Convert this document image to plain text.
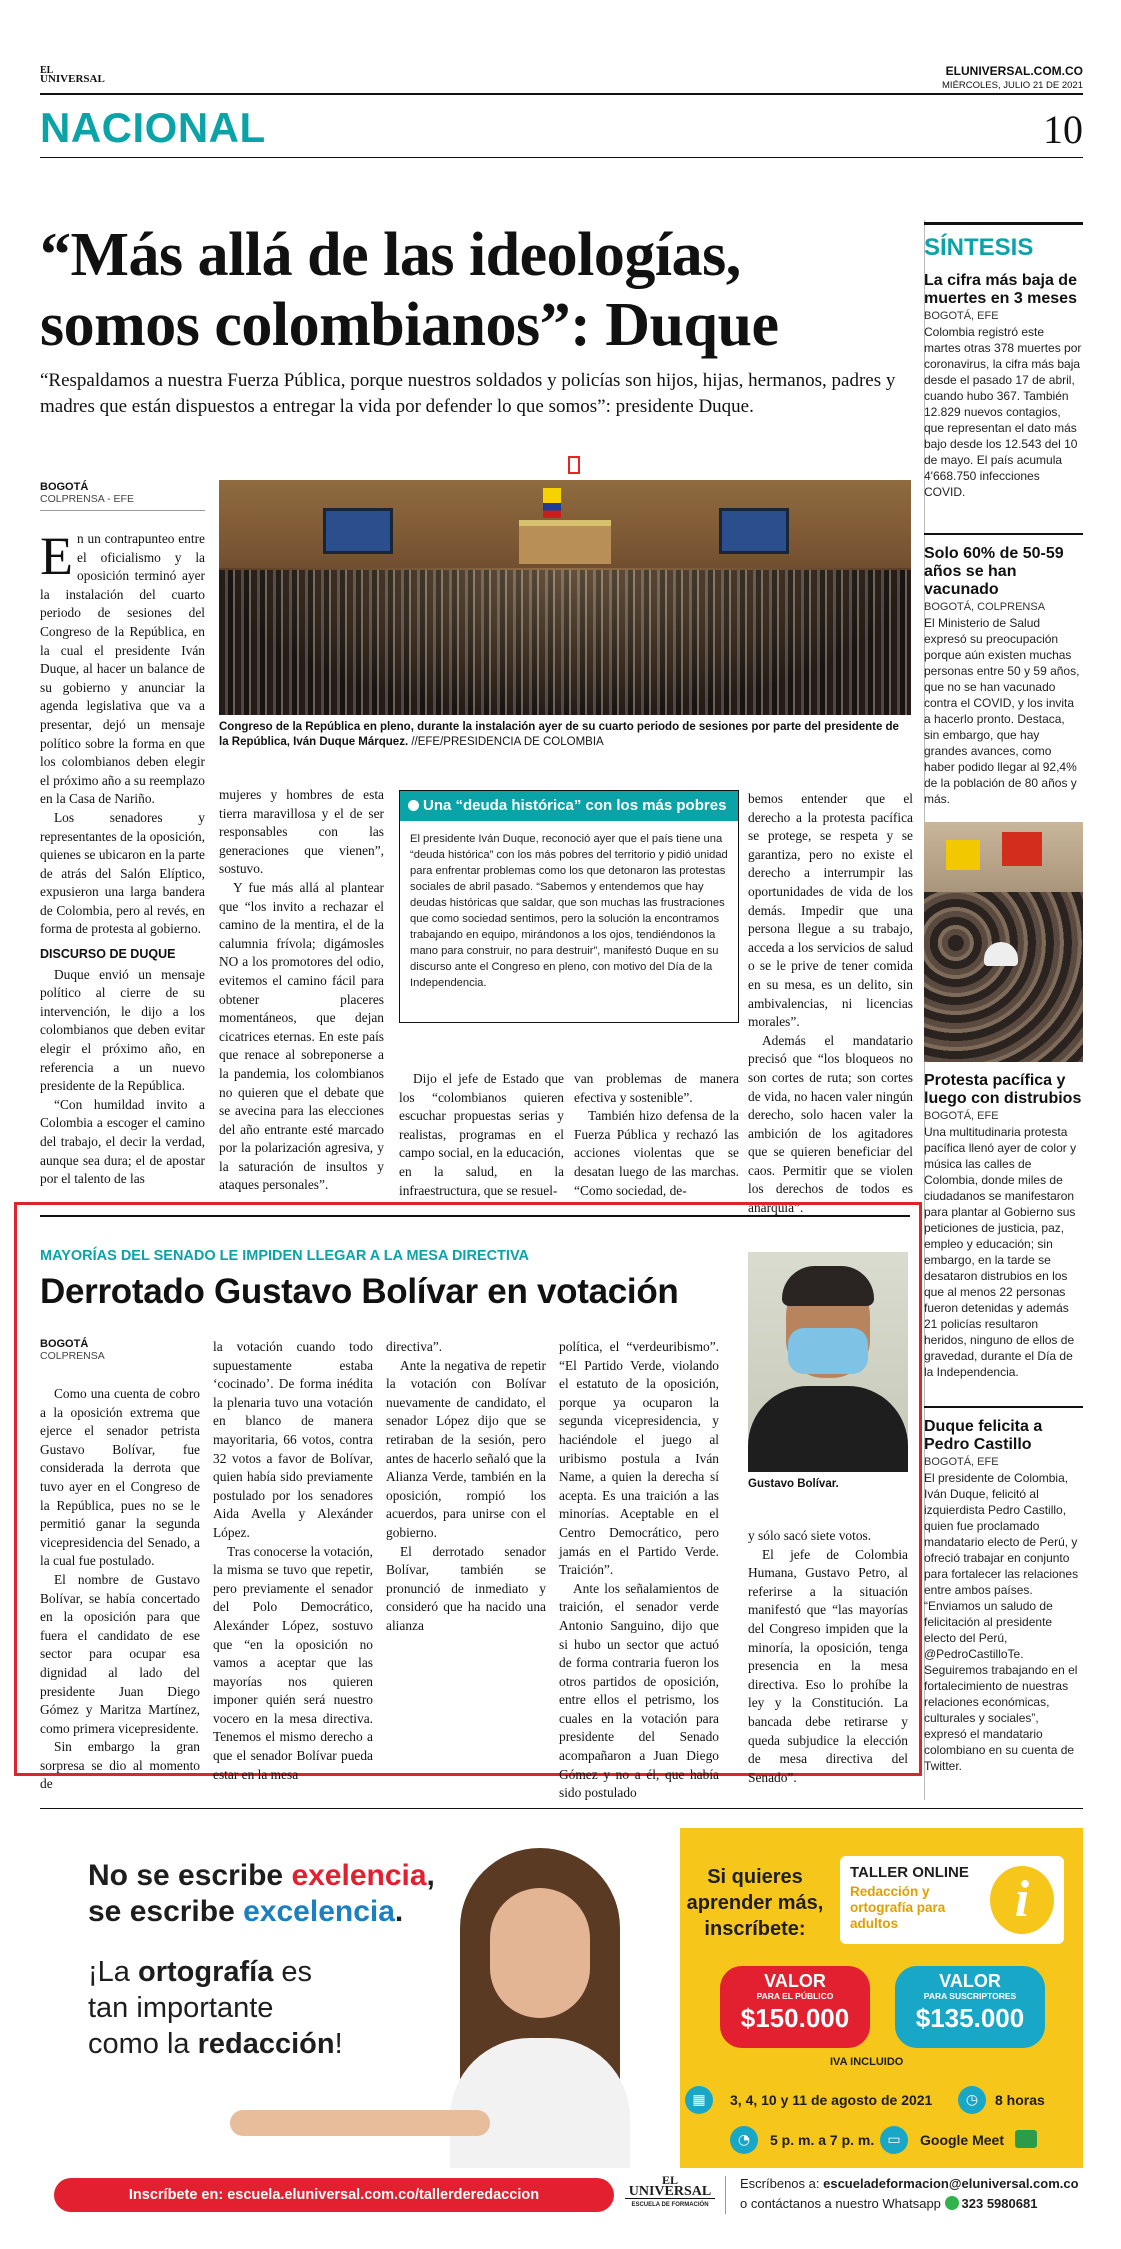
EL
UNIVERSAL
ELUNIVERSAL.COM.CO
MIÉRCOLES, JULIO 21 DE 2021
NACIONAL	10
“Más allá de las ideologías, somos colombianos”: Duque
“Respaldamos a nuestra Fuerza Pública, porque nuestros soldados y policías son hijos, hijas, hermanos, padres y madres que están dispuestos a entregar la vida por defender lo que somos”: presidente Duque.
BOGOTÁ
COLPRENSA - EFE
Congreso de la República en pleno, durante la instalación ayer de su cuarto periodo de sesiones por parte del presidente de la República, Iván Duque Márquez. //EFE/PRESIDENCIA DE COLOMBIA

En un contrapunteo entre el oficialismo y la oposición terminó ayer la instalación del cuarto periodo de sesiones del Congreso de la República, en la cual el presidente Iván Duque, al hacer un balance de su gobierno y anunciar la agenda legislativa que va a presentar, dejó un mensaje político sobre la forma en que los colombianos deben elegir el próximo año a su reemplazo en la Casa de Nariño.

Los senadores y representantes de la oposición, quienes se ubicaron en la parte de atrás del Salón Elíptico, expusieron una larga bandera de Colombia, pero al revés, en forma de protesta al gobierno.

DISCURSO DE DUQUE

Duque envió un mensaje político al cierre de su intervención, le dijo a los colombianos que deben evitar elegir el próximo año, en referencia a un nuevo presidente de la República.

“Con humildad invito a Colombia a escoger el camino del trabajo, el decir la verdad, aunque sea dura; el de apostar por el talento de las

mujeres y hombres de esta tierra maravillosa y el de ser responsables con las generaciones que vienen”, sostuvo.

Y fue más allá al plantear que “los invito a rechazar el camino de la mentira, el de la calumnia frívola; digámosles NO a los promotores del odio, evitemos el camino fácil para obtener placeres momentáneos, que dejan cicatrices eternas. En este país que renace al sobreponerse a la pandemia, los colombianos no quieren que el debate que se avecina para las elecciones del año entrante esté marcado por la polarización agresiva, y la saturación de insultos y ataques personales”.

Una “deuda histórica” con los más pobres
El presidente Iván Duque, reconoció ayer que el país tiene una “deuda histórica” con los más pobres del territorio y pidió unidad para enfrentar problemas como los que detonaron las protestas sociales de abril pasado. “Sabemos y entendemos que hay deudas históricas que saldar, que son muchas las frustraciones que como sociedad sentimos, pero la solución la encontramos trabajando en equipo, mirándonos a los ojos, tendiéndonos la mano para construir, no para destruir”, manifestó Duque en su discurso ante el Congreso en pleno, con motivo del Día de la Independencia.

Dijo el jefe de Estado que los “colombianos quieren escuchar propuestas serias y realistas, programas en el campo social, en la educación, en la salud, en la infraestructura, que se resuel-

van problemas de manera efectiva y sostenible”.

También hizo defensa de la Fuerza Pública y rechazó las acciones violentas que se desatan luego de las marchas. “Como sociedad, de-

bemos entender que el derecho a la protesta pacífica se protege, se respeta y se garantiza, pero no existe el derecho a interrumpir las oportunidades de vida de los demás. Impedir que una persona llegue a su trabajo, acceda a los servicios de salud o se le prive de tener comida en su mesa, es un delito, sin ambivalencias, ni licencias morales”.

Además el mandatario precisó que “los bloqueos no son cortes de ruta; son cortes de vida, no hacen valer ningún derecho, solo hacen valer la ambición de los agitadores que se quieren beneficiar del caos. Permitir que se violen los derechos de todos es anarquía”.

MAYORÍAS DEL SENADO LE IMPIDEN LLEGAR A LA MESA DIRECTIVA
Derrotado Gustavo Bolívar en votación
BOGOTÁ
COLPRENSA

Como una cuenta de cobro a la oposición extrema que ejerce el senador petrista Gustavo Bolívar, fue considerada la derrota que tuvo ayer en el Congreso de la República, pues no se le permitió ganar la segunda vicepresidencia del Senado, a la cual fue postulado.

El nombre de Gustavo Bolívar, se había concertado en la oposición para que fuera el candidato de ese sector para ocupar esa dignidad al lado del presidente Juan Diego Gómez y Maritza Martínez, como primera vicepresidente.

Sin embargo la gran sorpresa se dio al momento de

la votación cuando todo supuestamente estaba ‘cocinado’. De forma inédita la plenaria tuvo una votación en blanco de manera mayoritaria, 66 votos, contra 32 votos a favor de Bolívar, quien había sido previamente postulado por los senadores Aida Avella y Alexánder López.

Tras conocerse la votación, la misma se tuvo que repetir, pero previamente el senador del Polo Democrático, Alexánder López, sostuvo que “en la oposición no vamos a aceptar que las mayorías nos quieren imponer quién será nuestro vocero en la mesa directiva. Tenemos el mismo derecho a que el senador Bolívar pueda estar en la mesa

directiva”.

Ante la negativa de repetir la votación con Bolívar nuevamente de candidato, el senador López dijo que se retiraban de la sesión, pero antes de hacerlo señaló que la Alianza Verde, también en la oposición, rompió los acuerdos, para unirse con el gobierno.

El derrotado senador Bolívar, también se pronunció de inmediato y consideró que ha nacido una alianza

política, el “verdeuribismo”. “El Partido Verde, violando el estatuto de la oposición, porque ya ocuparon la segunda vicepresidencia, y haciéndole el juego al uribismo postula a Iván Name, a quien la derecha sí acepta. Es una traición a las minorías. Aceptable en el Centro Democrático, pero jamás en el Partido Verde. Traición”.

Ante los señalamientos de traición, el senador verde Antonio Sanguino, dijo que si hubo un sector que actuó de forma contraria fueron los otros partidos de oposición, entre ellos el petrismo, los cuales en la votación para presidente del Senado acompañaron a Juan Diego Gómez y no a él, que había sido postulado

Gustavo Bolívar.

y sólo sacó siete votos.

El jefe de Colombia Humana, Gustavo Petro, al referirse a la situación manifestó que “las mayorías del Congreso impiden que la minoría, la oposición, tenga presencia en la mesa directiva. Eso lo prohíbe la ley y la Constitución. La bancada debe retirarse y queda subjudice la elección de mesa directiva del Senado”.

SÍNTESIS
La cifra más baja de muertes en 3 meses
BOGOTÁ, EFE
Colombia registró este martes otras 378 muertes por coronavirus, la cifra más baja desde el pasado 17 de abril, cuando hubo 367. También 12.829 nuevos contagios, que representan el dato más bajo desde los 12.543 del 10 de mayo. El país acumula 4'668.750 infecciones COVID.
Solo 60% de 50-59 años se han vacunado
BOGOTÁ, COLPRENSA
El Ministerio de Salud expresó su preocupación porque aún existen muchas personas entre 50 y 59 años, que no se han vacunado contra el COVID, y los invita a hacerlo pronto. Destaca, sin embargo, que hay grandes avances, como haber podido llegar al 92,4% de la población de 80 años y más.
Protesta pacífica y luego con distrubios
BOGOTÁ, EFE
Una multitudinaria protesta pacífica llenó ayer de color y música las calles de Colombia, donde miles de ciudadanos se manifestaron para plantar al Gobierno sus peticiones de justicia, paz, empleo y educación; sin embargo, en la tarde se desataron distrubios en los que al menos 22 personas fueron detenidas y además 21 policías resultaron heridos, ninguno de ellos de gravedad, durante el Día de la Independencia.
Duque felicita a Pedro Castillo
BOGOTÁ, EFE
El presidente de Colombia, Iván Duque, felicitó al izquierdista Pedro Castillo, quien fue proclamado mandatario electo de Perú, y ofreció trabajar en conjunto para fortalecer las relaciones entre ambos países. “Enviamos un saludo de felicitación al presidente electo del Perú, @PedroCastilloTe. Seguiremos trabajando en el fortalecimiento de nuestras relaciones económicas, culturales y sociales”, expresó el mandatario colombiano en su cuenta de Twitter.
No se escribe exelencia,
se escribe excelencia.
¡La ortografía es
tan importante
como la redacción!
Si quieres aprender más, inscríbete:
TALLER ONLINE
Redacción y ortografía para adultos	i
VALOR
PARA EL PÚBLICO
$150.000
VALOR
PARA SUSCRIPTORES
$135.000
IVA INCLUIDO
▦	3, 4, 10 y 11 de agosto de 2021	◷	8 horas
◔	5 p. m. a 7 p. m. ▭	Google Meet
Inscríbete en: escuela.eluniversal.com.co/tallerderedaccion
EL
UNIVERSAL
ESCUELA DE FORMACIÓN
Escríbenos a: escueladeformacion@eluniversal.com.co
o contáctanos a nuestro Whatsapp 323 5980681
